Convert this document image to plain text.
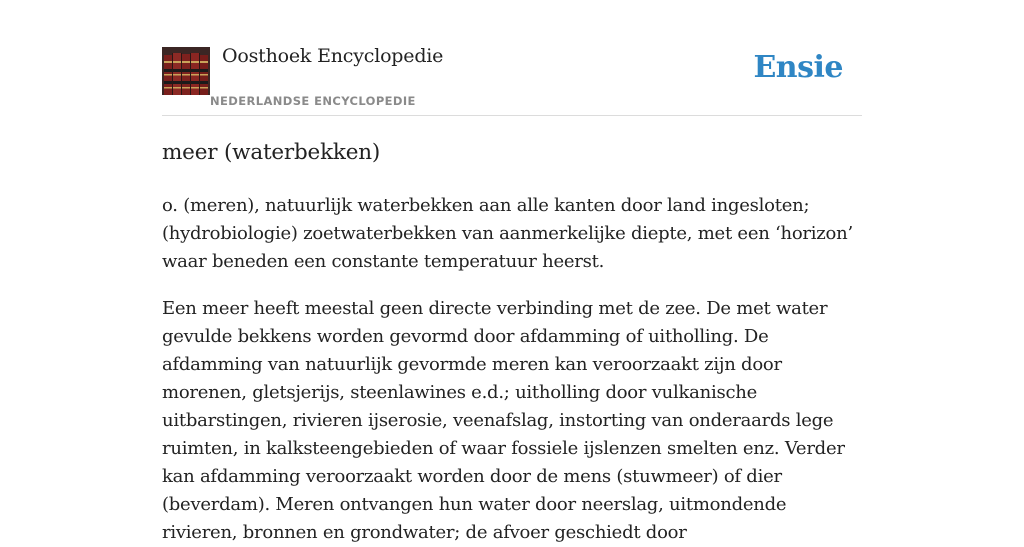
Oosthoek Encyclopedie
NEDERLANDSE ENCYCLOPEDIE
Ensie
meer (waterbekken)

o. (meren), natuurlijk waterbekken aan alle kanten door land ingesloten; (hydrobiologie) zoetwaterbekken van aanmerkelijke diepte, met een ‘horizon’ waar beneden een constante temperatuur heerst.

Een meer heeft meestal geen directe verbinding met de zee. De met water gevulde bekkens worden gevormd door afdamming of uitholling. De afdamming van natuurlijk gevormde meren kan veroorzaakt zijn door morenen, gletsjerijs, steenlawines e.d.; uitholling door vulkanische uitbarstingen, rivieren ijserosie, veenafslag, instorting van onderaards lege ruimten, in kalksteengebieden of waar fossiele ijslenzen smelten enz. Verder kan afdamming veroorzaakt worden door de mens (stuwmeer) of dier (beverdam). Meren ontvangen hun water door neerslag, uitmondende rivieren, bronnen en grondwater; de afvoer geschiedt door
